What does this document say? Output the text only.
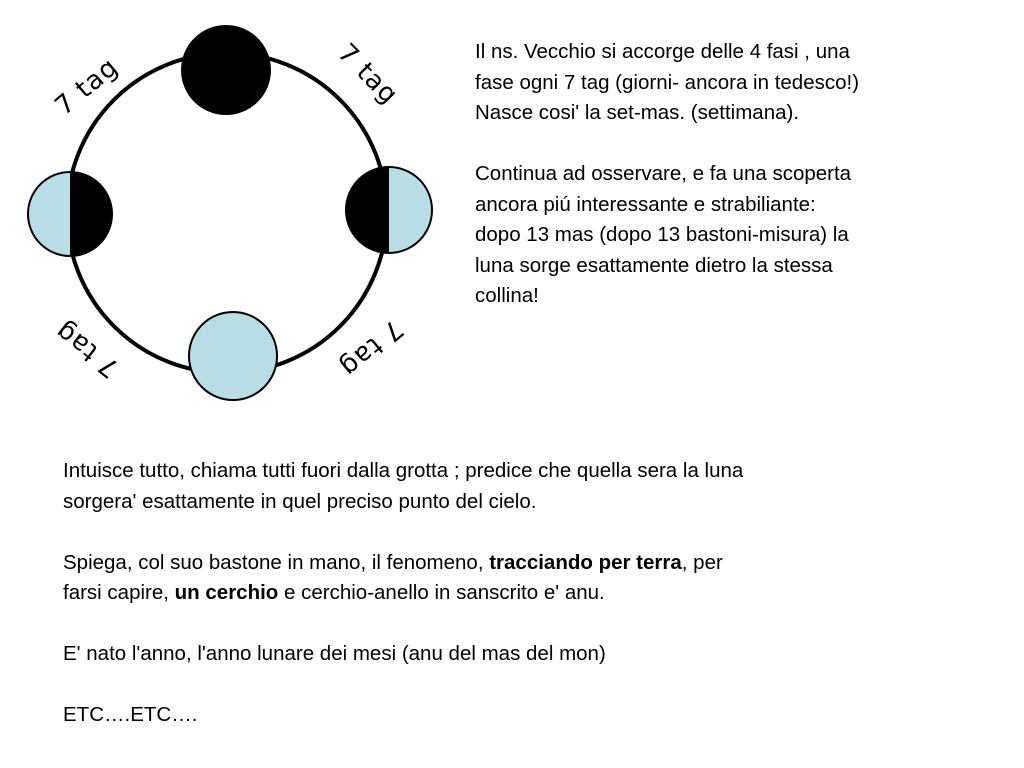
7 tag	7 tag
7 tag	7 tag
Il ns. Vecchio si accorge delle 4 fasi , una
fase ogni 7 tag (giorni- ancora in tedesco!)
Nasce cosi' la set-mas. (settimana).
Continua ad osservare, e fa una scoperta
ancora piú interessante e strabiliante:
dopo 13 mas (dopo 13 bastoni-misura) la
luna sorge esattamente dietro la stessa
collina!
Intuisce tutto, chiama tutti fuori dalla grotta ; predice che quella sera la luna
sorgera' esattamente in quel preciso punto del cielo.
Spiega, col suo bastone in mano, il fenomeno, tracciando per terra, per
farsi capire, un cerchio e cerchio-anello in sanscrito e' anu.
E' nato l'anno, l'anno lunare dei mesi (anu del mas del mon)
ETC….ETC….
